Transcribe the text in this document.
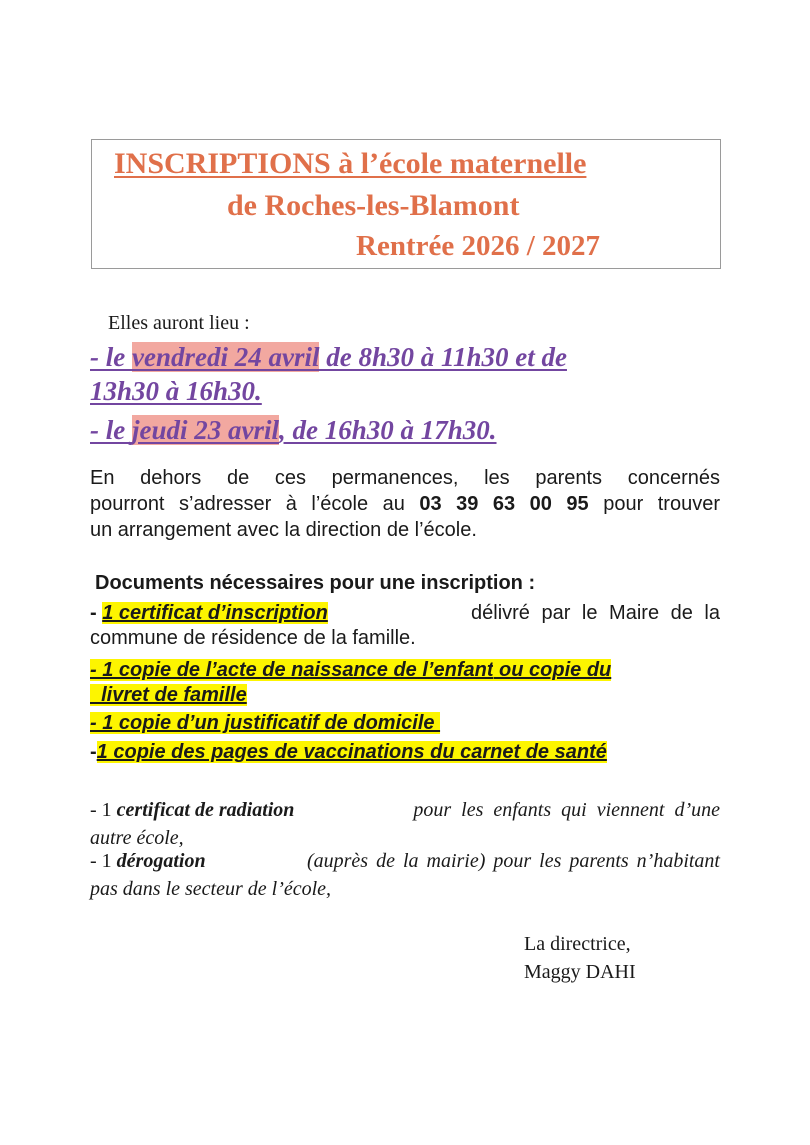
INSCRIPTIONS à l’école maternelle
de Roches-les-Blamont
Rentrée 2026 / 2027
Elles auront lieu :
- le vendredi 24 avril de 8h30 à 11h30 et de
13h30 à 16h30.
- le jeudi 23 avril, de 16h30 à 17h30.
En dehors de ces permanences, les parents concernés
pourront s’adresser à l’école au 03 39 63 00 95 pour trouver
un arrangement avec la direction de l’école.
Documents nécessaires pour une inscription :
- 1 certificat d’inscription	délivré par le Maire de la
commune de résidence de la famille.
- 1 copie de l’acte de naissance de l’enfant ou copie du
livret de famille
- 1 copie d’un justificatif de domicile
-1 copie des pages de vaccinations du carnet de santé
- 1 certificat de radiation	pour les enfants qui viennent d’une
autre école,
- 1 dérogation	(auprès de la mairie) pour les parents n’habitant
pas dans le secteur de l’école,
La directrice,
Maggy DAHI
